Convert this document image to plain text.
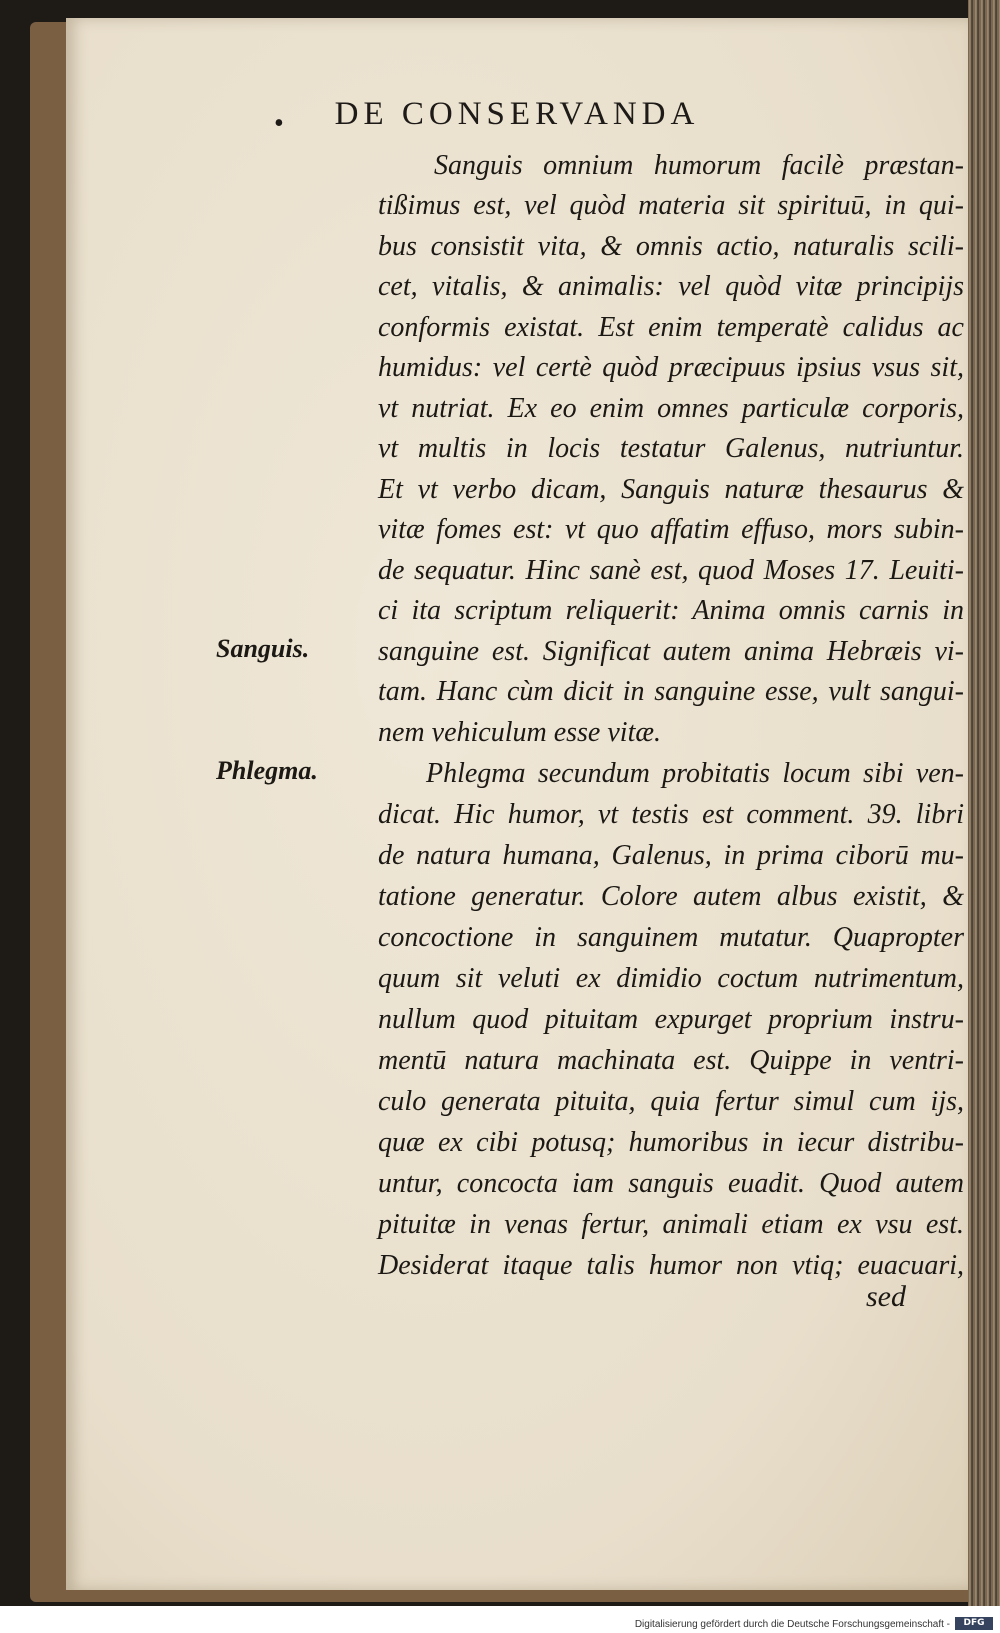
•	DE CONSERVANDA
Sanguis omnium humorum facilè præstan-
tißimus est, vel quòd materia sit spirituū, in qui-
bus consistit vita, & omnis actio, naturalis scili-
cet, vitalis, & animalis: vel quòd vitæ principijs
conformis existat. Est enim temperatè calidus ac
humidus: vel certè quòd præcipuus ipsius vsus sit,
vt nutriat. Ex eo enim omnes particulæ corporis,
vt multis in locis testatur Galenus, nutriuntur.
Et vt verbo dicam, Sanguis naturæ thesaurus &
vitæ fomes est: vt quo affatim effuso, mors subin-
de sequatur. Hinc sanè est, quod Moses 17. Leuiti-
ci ita scriptum reliquerit: Anima omnis carnis in
sanguine est. Significat autem anima Hebræis vi-
tam. Hanc cùm dicit in sanguine esse, vult sangui-
nem vehiculum esse vitæ.
Phlegma secundum probitatis locum sibi ven-
dicat. Hic humor, vt testis est comment. 39. libri
de natura humana, Galenus, in prima ciborū mu-
tatione generatur. Colore autem albus existit, &
concoctione in sanguinem mutatur. Quapropter
quum sit veluti ex dimidio coctum nutrimentum,
nullum quod pituitam expurget proprium instru-
mentū natura machinata est. Quippe in ventri-
culo generata pituita, quia fertur simul cum ijs,
quæ ex cibi potusq; humoribus in iecur distribu-
untur, concocta iam sanguis euadit. Quod autem
pituitæ in venas fertur, animali etiam ex vsu est.
Desiderat itaque talis humor non vtiq; euacuari,
Sanguis.
Phlegma.
sed
Digitalisierung gefördert durch die Deutsche Forschungsgemeinschaft -	DFG
